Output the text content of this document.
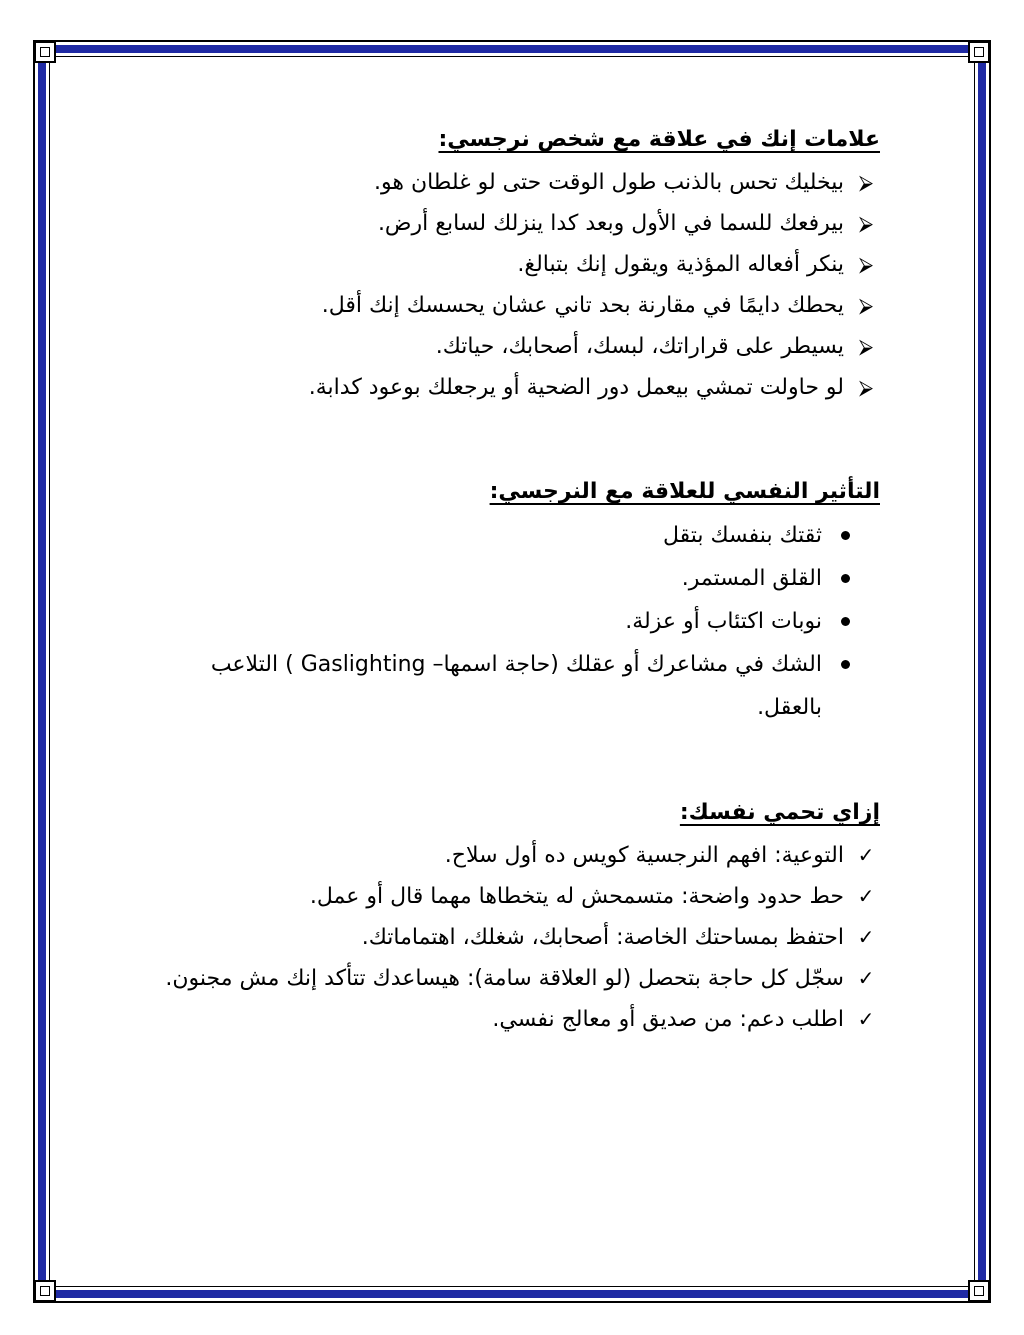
علامات إنك في علاقة مع شخص نرجسي:
⮚
بيخليك تحس بالذنب طول الوقت حتى لو غلطان هو.
⮚
بيرفعك للسما في الأول وبعد كدا ينزلك لسابع أرض.
⮚
ينكر أفعاله المؤذية ويقول إنك بتبالغ.
⮚
يحطك دايمًا في مقارنة بحد تاني عشان يحسسك إنك أقل.
⮚
يسيطر على قراراتك، لبسك، أصحابك، حياتك.
⮚
لو حاولت تمشي بيعمل دور الضحية أو يرجعلك بوعود كدابة.
التأثير النفسي للعلاقة مع النرجسي:
ثقتك بنفسك بتقل
القلق المستمر.
نوبات اكتئاب أو عزلة.
الشك في مشاعرك أو عقلك (حاجة اسمها– Gaslighting ) التلاعب بالعقل.
إزاي تحمي نفسك:
✓
التوعية: افهم النرجسية كويس ده أول سلاح.
✓
حط حدود واضحة: متسمحش له يتخطاها مهما قال أو عمل.
✓
احتفظ بمساحتك الخاصة: أصحابك، شغلك، اهتماماتك.
✓
سجّل كل حاجة بتحصل (لو العلاقة سامة): هيساعدك تتأكد إنك مش مجنون.
✓
اطلب دعم: من صديق أو معالج نفسي.
